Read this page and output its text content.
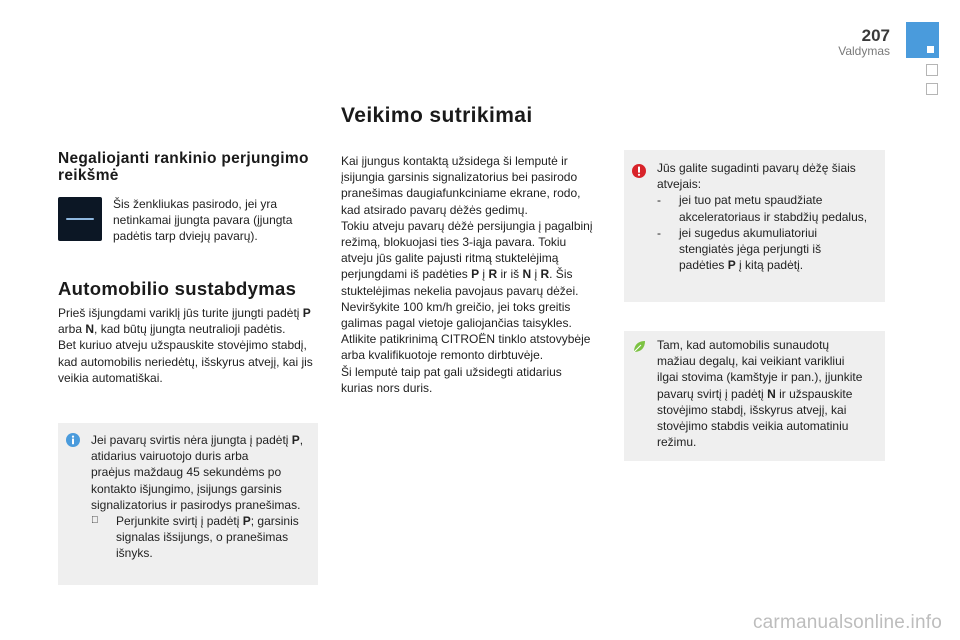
207
Valdymas
Veikimo sutrikimai
Negaliojanti rankinio perjungimo reikšmė
Šis ženkliukas pasirodo, jei yra
netinkamai įjungta pavara (įjungta
padėtis tarp dviejų pavarų).
Automobilio sustabdymas
Prieš išjungdami variklį jūs turite įjungti padėtį P
arba N, kad būtų įjungta neutralioji padėtis.
Bet kuriuo atveju užspauskite stovėjimo stabdį,
kad automobilis neriedėtų, išskyrus atvejį, kai jis
veikia automatiškai.
Jei pavarų svirtis nėra įjungta į padėtį P,
atidarius vairuotojo duris arba
praėjus maždaug 45 sekundėms po
kontakto išjungimo, įsijungs garsinis
signalizatorius ir pasirodys pranešimas.
Perjunkite svirtį į padėtį P; garsinis
signalas išsijungs, o pranešimas
išnyks.
Kai įjungus kontaktą užsidega ši lemputė ir
įsijungia garsinis signalizatorius bei pasirodo
pranešimas daugiafunkciniame ekrane, rodo,
kad atsirado pavarų dėžės gedimų.
Tokiu atveju pavarų dėžė persijungia į pagalbinį
režimą, blokuojasi ties 3-iąja pavara. Tokiu
atveju jūs galite pajusti ritmą stuktelėjimą
perjungdami iš padėties P į R ir iš N į R. Šis
stuktelėjimas nekelia pavojaus pavarų dėžei.
Neviršykite 100 km/h greičio, jei toks greitis
galimas pagal vietoje galiojančias taisykles.
Atlikite patikrinimą CITROËN tinklo atstovybėje
arba kvalifikuotoje remonto dirbtuvėje.
Ši lemputė taip pat gali užsidegti atidarius
kurias nors duris.
Jūs galite sugadinti pavarų dėžę šiais
atvejais:
-	jei tuo pat metu spaudžiate
akceleratoriaus ir stabdžių pedalus,
-	jei sugedus akumuliatoriui
stengiatės jėga perjungti iš
padėties P į kitą padėtį.
Tam, kad automobilis sunaudotų
mažiau degalų, kai veikiant varikliui
ilgai stovima (kamštyje ir pan.), įjunkite
pavarų svirtį į padėtį N ir užspauskite
stovėjimo stabdį, išskyrus atvejį, kai
stovėjimo stabdis veikia automatiniu
režimu.
carmanualsonline.info
